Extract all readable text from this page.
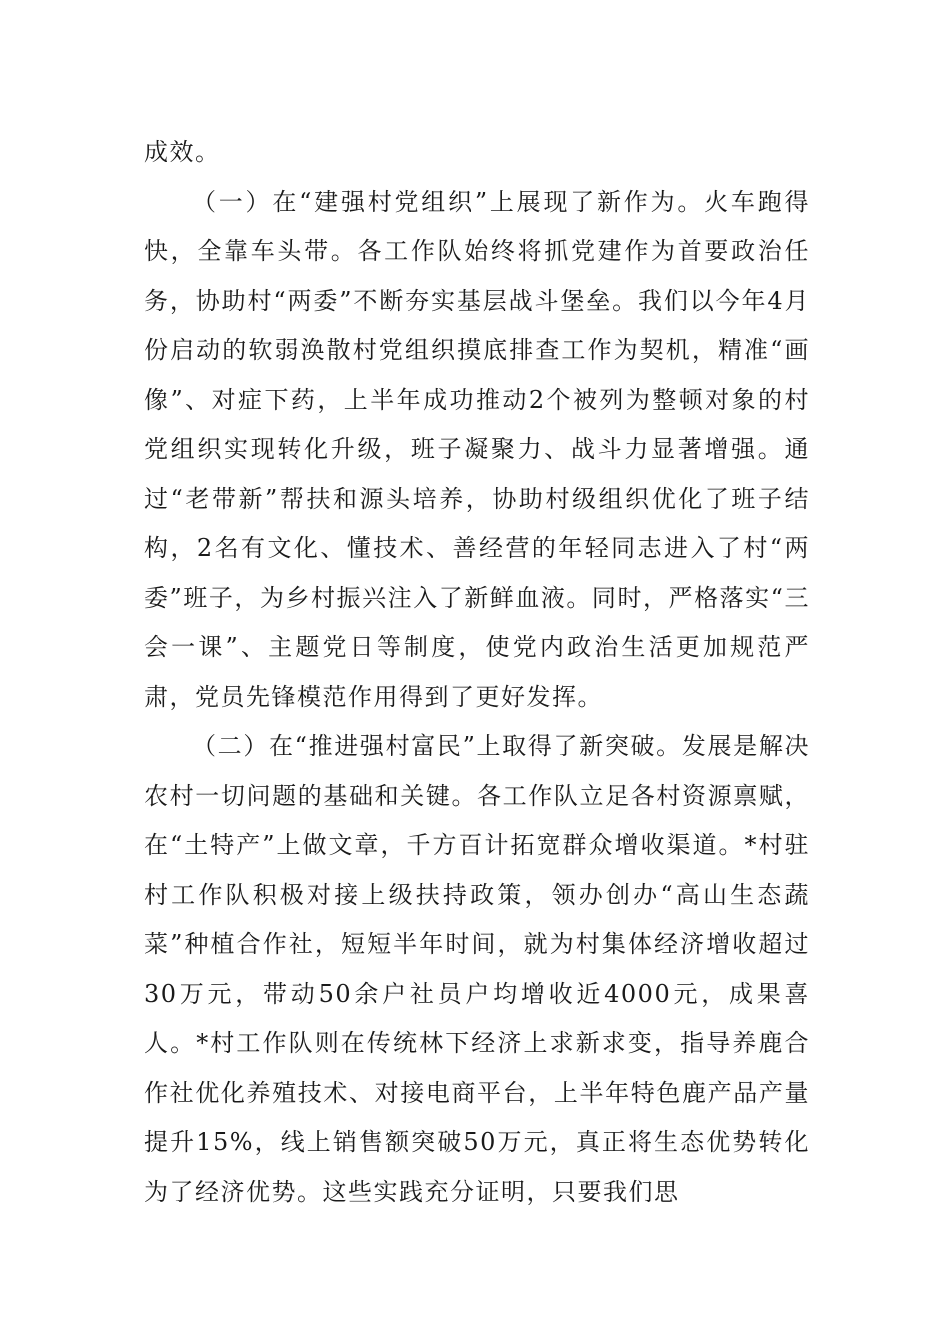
成效。

（一）在“建强村党组织”上展现了新作为。火车跑得快，全靠车头带。各工作队始终将抓党建作为首要政治任务，协助村“两委”不断夯实基层战斗堡垒。我们以今年4月份启动的软弱涣散村党组织摸底排查工作为契机，精准“画像”、对症下药，上半年成功推动2个被列为整顿对象的村党组织实现转化升级，班子凝聚力、战斗力显著增强。通过“老带新”帮扶和源头培养，协助村级组织优化了班子结构，2名有文化、懂技术、善经营的年轻同志进入了村“两委”班子，为乡村振兴注入了新鲜血液。同时，严格落实“三会一课”、主题党日等制度，使党内政治生活更加规范严肃，党员先锋模范作用得到了更好发挥。

（二）在“推进强村富民”上取得了新突破。发展是解决农村一切问题的基础和关键。各工作队立足各村资源禀赋，在“土特产”上做文章，千方百计拓宽群众增收渠道。*村驻村工作队积极对接上级扶持政策，领办创办“高山生态蔬菜”种植合作社，短短半年时间，就为村集体经济增收超过30万元，带动50余户社员户均增收近4000元，成果喜人。*村工作队则在传统林下经济上求新求变，指导养鹿合作社优化养殖技术、对接电商平台，上半年特色鹿产品产量提升15%，线上销售额突破50万元，真正将生态优势转化为了经济优势。这些实践充分证明，只要我们思
